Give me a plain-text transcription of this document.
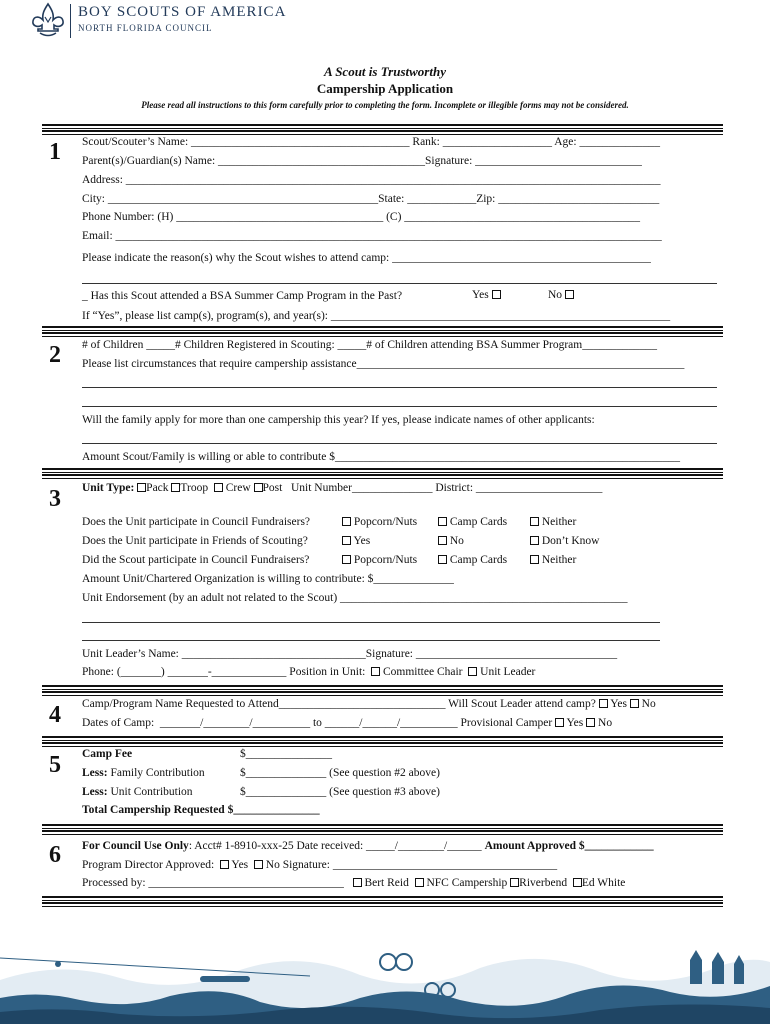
BOY SCOUTS OF AMERICA
NORTH FLORIDA COUNCIL
A Scout is Trustworthy
Campership Application
Please read all instructions to this form carefully prior to completing the form. Incomplete or illegible forms may not be considered.
1 Scout/Scouter’s Name: ______________________________________ Rank: ___________________ Age: ______________
Parent(s)/Guardian(s) Name: ____________________________________Signature: _____________________________
Address: _____________________________________________________________________________________________
City: _______________________________________________State: ____________Zip: ____________________________
Phone Number: (H) ____________________________________ (C) _________________________________________
Email: _______________________________________________________________________________________________
Please indicate the reason(s) why the Scout wishes to attend camp: _____________________________________________
_ Has this Scout attended a BSA Summer Camp Program in the Past?	Yes	No
If “Yes”, please list camp(s), program(s), and year(s): ___________________________________________________________
2 # of Children _____# Children Registered in Scouting: _____# of Children attending BSA Summer Program_____________
Please list circumstances that require campership assistance_________________________________________________________
Will the family apply for more than one campership this year? If yes, please indicate names of other applicants:
Amount Scout/Family is willing or able to contribute $____________________________________________________________
3 Unit Type: Pack Troop Crew Post Unit Number______________ District: ______________________
Does the Unit participate in Council Fundraisers?	Popcorn/Nuts	Camp Cards	Neither
Does the Unit participate in Friends of Scouting?	Yes	No	Don’t Know
Did the Scout participate in Council Fundraisers?	Popcorn/Nuts	Camp Cards	Neither
Amount Unit/Chartered Organization is willing to contribute: $______________
Unit Endorsement (by an adult not related to the Scout) __________________________________________________
Unit Leader’s Name: ________________________________Signature: ___________________________________
Phone: (_______) _______-_____________ Position in Unit: Committee Chair Unit Leader
4 Camp/Program Name Requested to Attend_____________________________ Will Scout Leader attend camp? Yes No
Dates of Camp:  _______/________/__________ to ______/______/__________ Provisional Camper Yes No
5 Camp Fee	$_______________
Less: Family Contribution	$______________ (See question #2 above)
Less: Unit Contribution	$______________ (See question #3 above)
Total Campership Requested $_______________
6 For Council Use Only: Acct# 1-8910-xxx-25 Date received: _____/________/______ Amount Approved $____________
Program Director Approved: Yes No Signature: _______________________________________
Processed by: __________________________________ Bert Reid NFC Campership Riverbend Ed White
